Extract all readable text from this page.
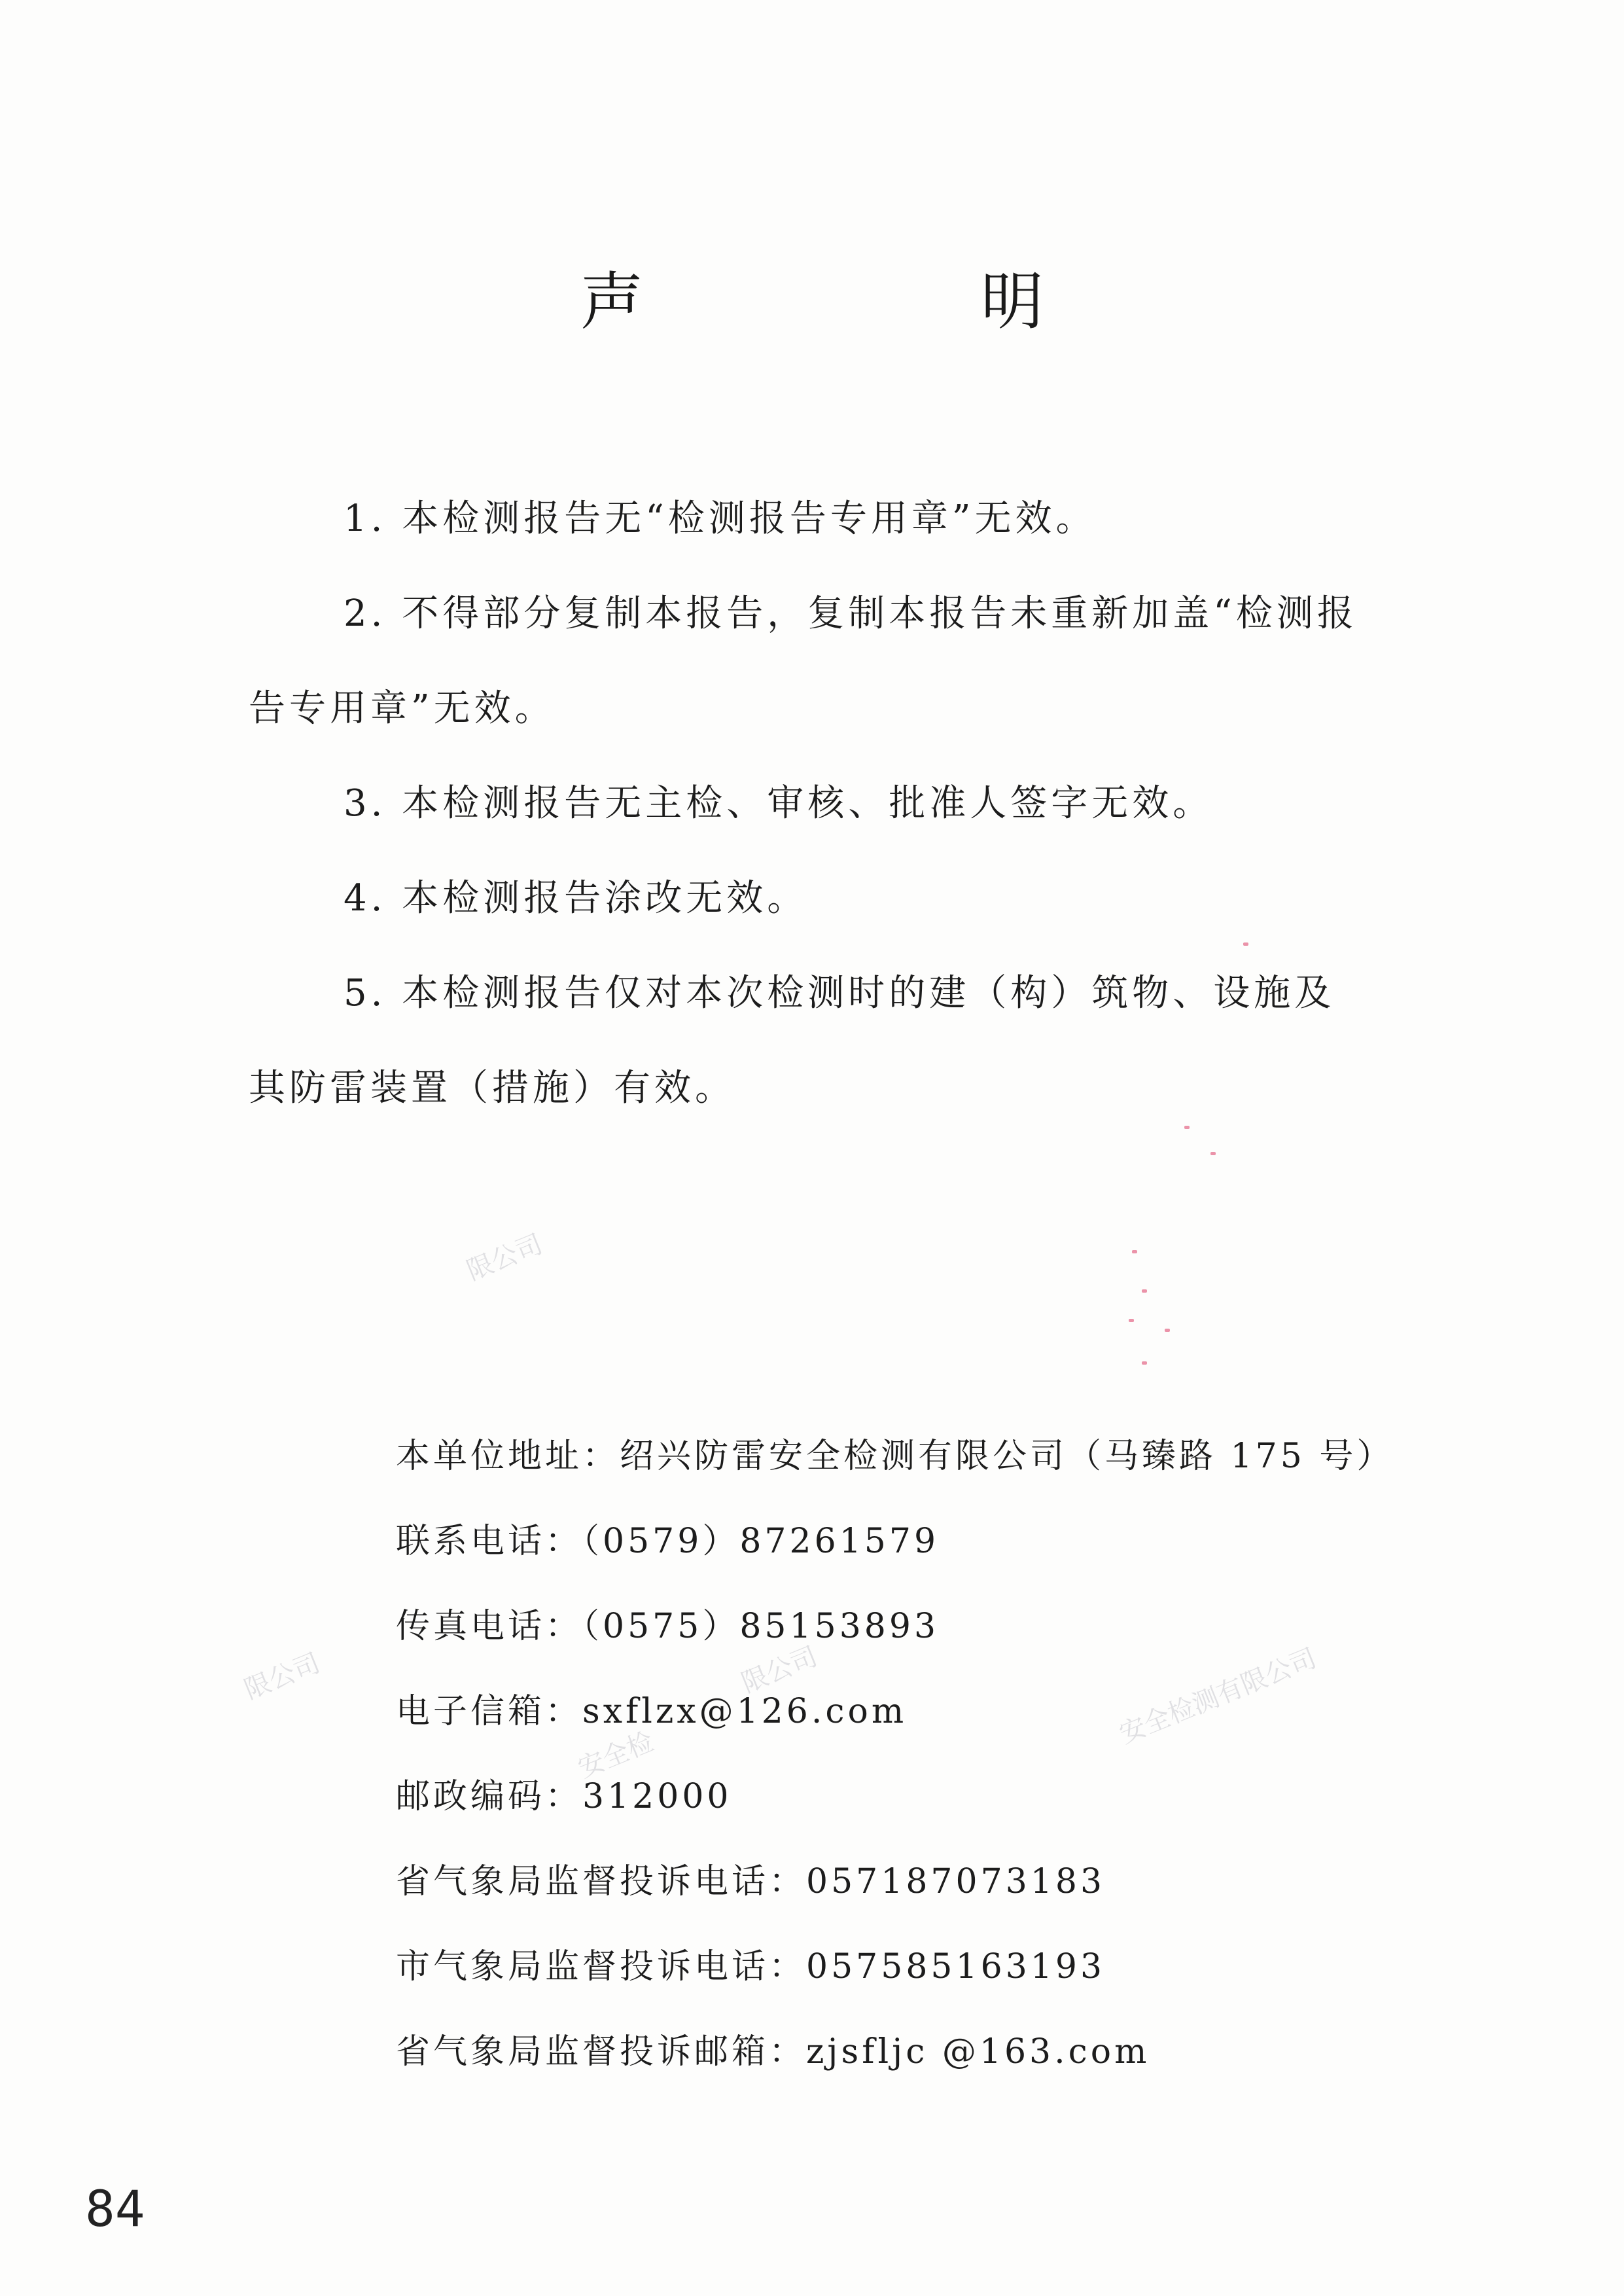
声　明

1. 本检测报告无“检测报告专用章”无效。

2. 不得部分复制本报告，复制本报告未重新加盖“检测报告专用章”无效。

3. 本检测报告无主检、审核、批准人签字无效。

4. 本检测报告涂改无效。

5. 本检测报告仅对本次检测时的建（构）筑物、设施及其防雷装置（措施）有效。

本单位地址：绍兴防雷安全检测有限公司（马臻路 175 号）
联系电话：（0579）87261579
传真电话：（0575）85153893
电子信箱：sxflzx@126.com
邮政编码：312000
省气象局监督投诉电话：057187073183
市气象局监督投诉电话：057585163193
省气象局监督投诉邮箱：zjsfljc @163.com
84
限公司
限公司
限公司	安全检测有限公司
安全检
